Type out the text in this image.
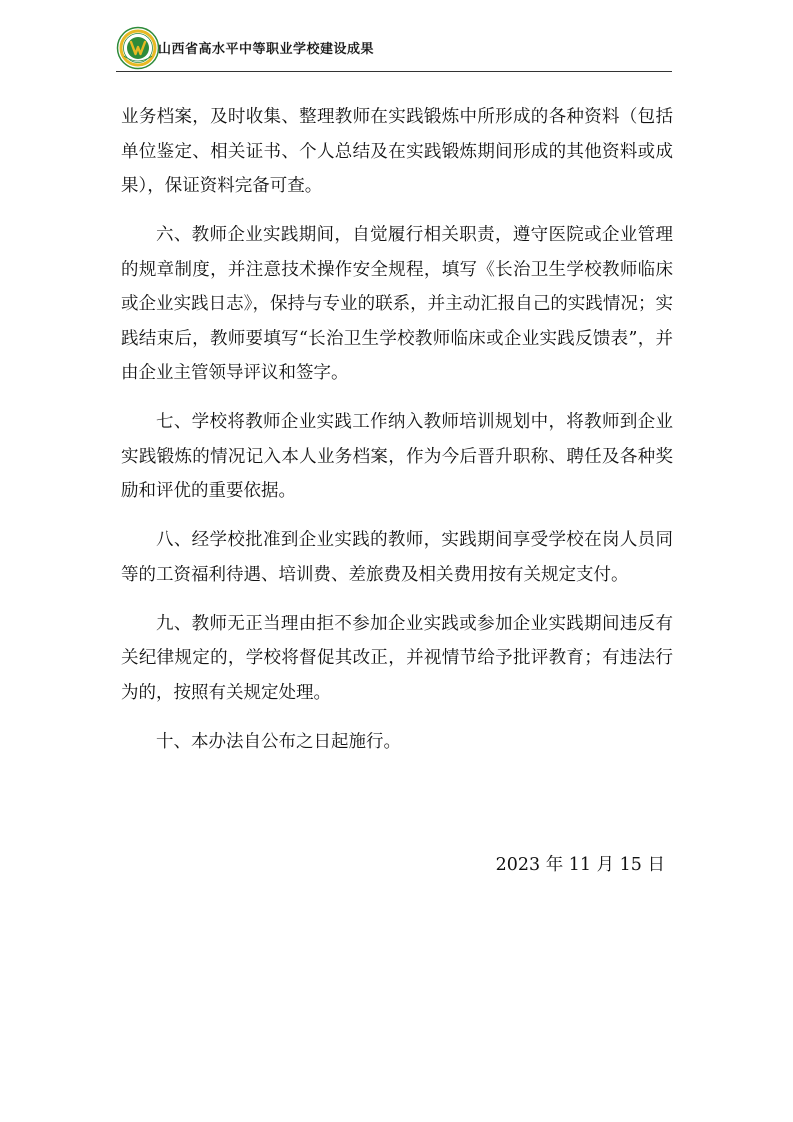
山西省高水平中等职业学校建设成果

业务档案，及时收集、整理教师在实践锻炼中所形成的各种资料（包括单位鉴定、相关证书、个人总结及在实践锻炼期间形成的其他资料或成果），保证资料完备可查。

六、教师企业实践期间，自觉履行相关职责，遵守医院或企业管理的规章制度，并注意技术操作安全规程，填写《长治卫生学校教师临床或企业实践日志》，保持与专业的联系，并主动汇报自己的实践情况；实践结束后，教师要填写“长治卫生学校教师临床或企业实践反馈表”，并由企业主管领导评议和签字。

七、学校将教师企业实践工作纳入教师培训规划中，将教师到企业实践锻炼的情况记入本人业务档案，作为今后晋升职称、聘任及各种奖励和评优的重要依据。

八、经学校批准到企业实践的教师，实践期间享受学校在岗人员同等的工资福利待遇、培训费、差旅费及相关费用按有关规定支付。

九、教师无正当理由拒不参加企业实践或参加企业实践期间违反有关纪律规定的，学校将督促其改正，并视情节给予批评教育；有违法行为的，按照有关规定处理。

十、本办法自公布之日起施行。

2023 年 11 月 15 日
